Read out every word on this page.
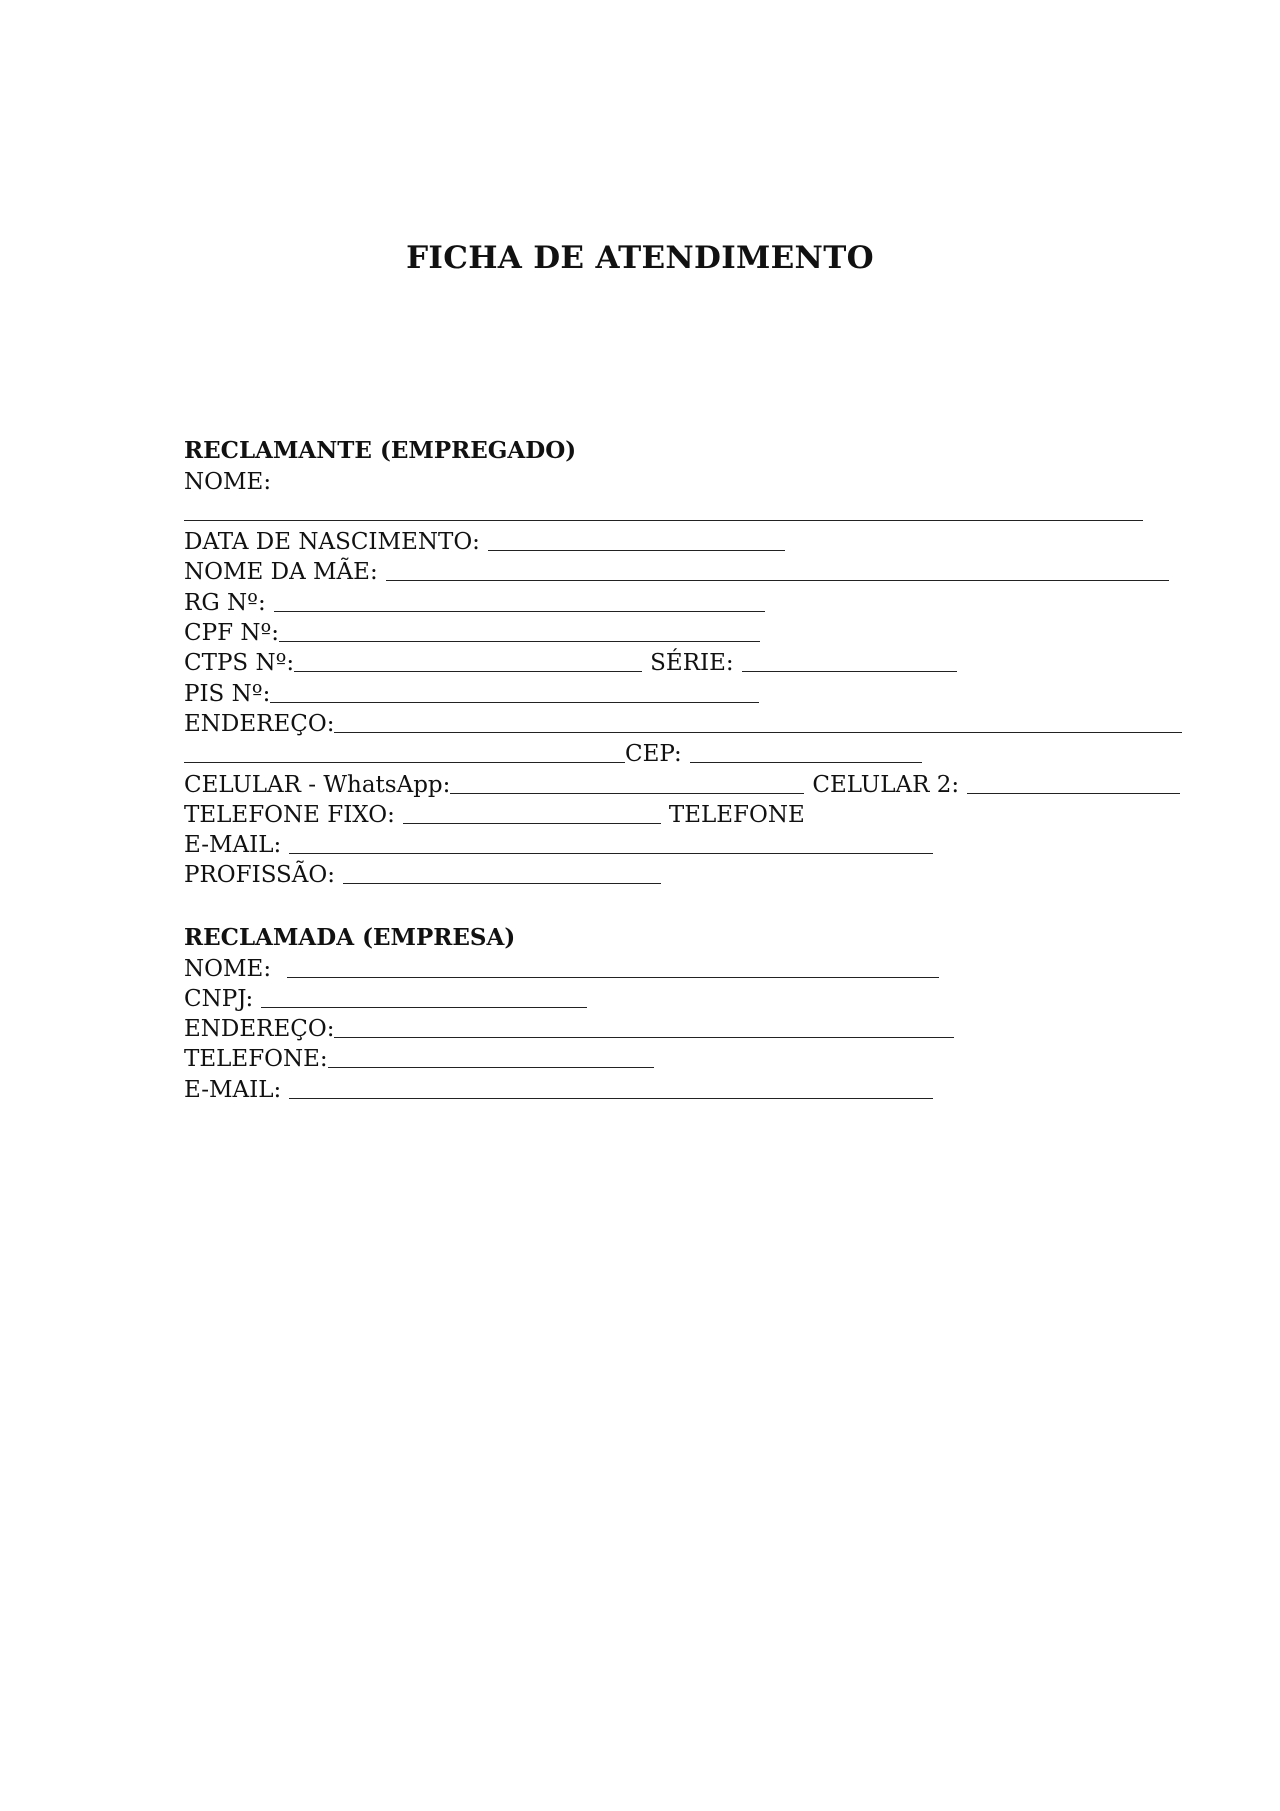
FICHA DE ATENDIMENTO
RECLAMANTE (EMPREGADO)
NOME:
DATA DE NASCIMENTO:
NOME DA MÃE:
RG Nº:
CPF Nº:
CTPS Nº:	SÉRIE:
PIS Nº:
ENDEREÇO:
CEP:
CELULAR - WhatsApp:	CELULAR 2:
TELEFONE FIXO:	TELEFONE
E-MAIL:
PROFISSÃO:
RECLAMADA (EMPRESA)
NOME:
CNPJ:
ENDEREÇO:
TELEFONE:
E-MAIL:
